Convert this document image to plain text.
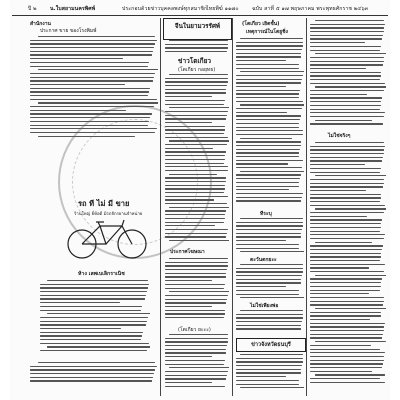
ปี ๒	น.ใบสยามนครพิศพ์	ประกอบด้วยข่าวบุคคลพงษ์ทุกสมาชิก
ไทยพีฆ์ ๑๑๗๐	ฉบับ สาที่ ๕ ๑๗ พฤษภาคม พระพุทธศักราช ๒๔๖๓
สำนักงาน
ประกาศ ขาย ของโรงพิมพ์
รถ ที ไม่ มี ขาย
ร้านใหญ่ ยี่ห้อดี มีรถจักรยานจำหน่าย
ห้าง เลพเบเลิกราเนิช
จีนในยามวรรัศพ์
ข่าวโตเกียว
(โตเกียว กอยุทธ)
ประกาศโฆษณา
(โตเกียว ยะะะ)
(โตเกียว เยิดชั้น)
เหตุการณ์ในโตยูชิ่ง
ทีระบุ
ตะวันตกยะะ
ไม่ใช่เพียงพ่อ
ข่าวจังหวัดธนบุรี
ไม่ใช่จริงๆ
